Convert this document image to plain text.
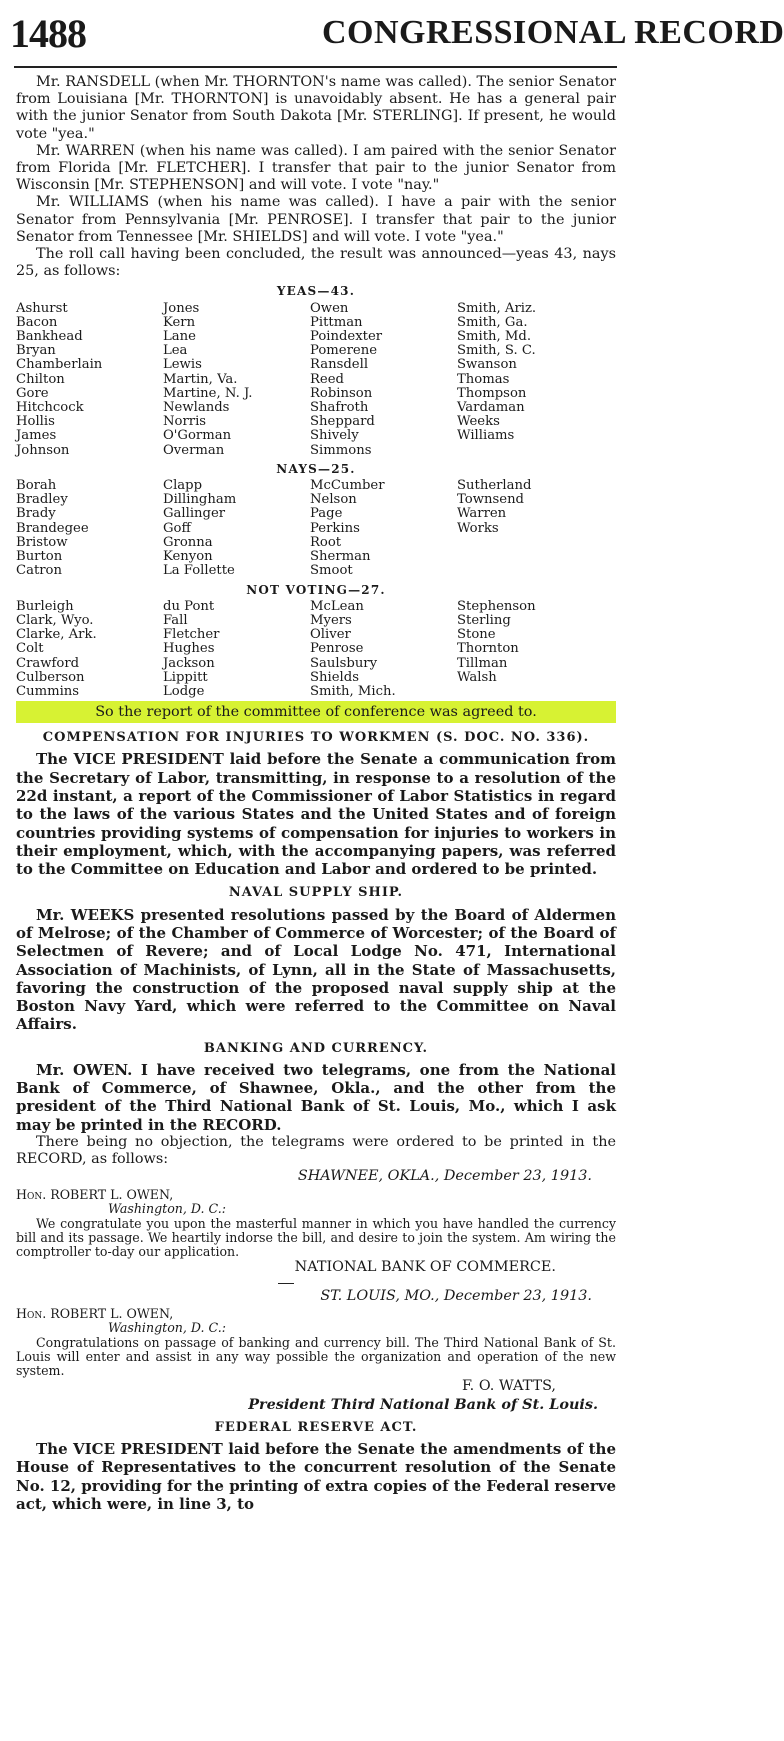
1488	CONGRESSIONAL RECORD

Mr. RANSDELL (when Mr. THORNTON's name was called). The senior Senator from Louisiana [Mr. THORNTON] is unavoidably absent. He has a general pair with the junior Senator from South Dakota [Mr. STERLING]. If present, he would vote "yea."

Mr. WARREN (when his name was called). I am paired with the senior Senator from Florida [Mr. FLETCHER]. I transfer that pair to the junior Senator from Wisconsin [Mr. STEPHENSON] and will vote. I vote "nay."

Mr. WILLIAMS (when his name was called). I have a pair with the senior Senator from Pennsylvania [Mr. PENROSE]. I transfer that pair to the junior Senator from Tennessee [Mr. SHIELDS] and will vote. I vote "yea."

The roll call having been concluded, the result was announced—yeas 43, nays 25, as follows:

YEAS—43.
Ashurst	Jones	Owen	Smith, Ariz.
Bacon	Kern	Pittman	Smith, Ga.
Bankhead	Lane	Poindexter	Smith, Md.
Bryan	Lea	Pomerene	Smith, S. C.
Chamberlain	Lewis	Ransdell	Swanson
Chilton	Martin, Va.	Reed	Thomas
Gore	Martine, N. J.	Robinson	Thompson
Hitchcock	Newlands	Shafroth	Vardaman
Hollis	Norris	Sheppard	Weeks
James	O'Gorman	Shively	Williams
Johnson	Overman	Simmons
NAYS—25.
Borah	Clapp	McCumber	Sutherland
Bradley	Dillingham	Nelson	Townsend
Brady	Gallinger	Page	Warren
Brandegee	Goff	Perkins	Works
Bristow	Gronna	Root
Burton	Kenyon	Sherman
Catron	La Follette	Smoot
NOT VOTING—27.
Burleigh	du Pont	McLean	Stephenson
Clark, Wyo.	Fall	Myers	Sterling
Clarke, Ark.	Fletcher	Oliver	Stone
Colt	Hughes	Penrose	Thornton
Crawford	Jackson	Saulsbury	Tillman
Culberson	Lippitt	Shields	Walsh
Cummins	Lodge	Smith, Mich.
So the report of the committee of conference was agreed to.
COMPENSATION FOR INJURIES TO WORKMEN (S. DOC. NO. 336).

The VICE PRESIDENT laid before the Senate a communication from the Secretary of Labor, transmitting, in response to a resolution of the 22d instant, a report of the Commissioner of Labor Statistics in regard to the laws of the various States and the United States and of foreign countries providing systems of compensation for injuries to workers in their employment, which, with the accompanying papers, was referred to the Committee on Education and Labor and ordered to be printed.

NAVAL SUPPLY SHIP.

Mr. WEEKS presented resolutions passed by the Board of Aldermen of Melrose; of the Chamber of Commerce of Worcester; of the Board of Selectmen of Revere; and of Local Lodge No. 471, International Association of Machinists, of Lynn, all in the State of Massachusetts, favoring the construction of the proposed naval supply ship at the Boston Navy Yard, which were referred to the Committee on Naval Affairs.

BANKING AND CURRENCY.

Mr. OWEN. I have received two telegrams, one from the National Bank of Commerce, of Shawnee, Okla., and the other from the president of the Third National Bank of St. Louis, Mo., which I ask may be printed in the RECORD.

There being no objection, the telegrams were ordered to be printed in the RECORD, as follows:

SHAWNEE, OKLA., December 23, 1913.
Hon. ROBERT L. OWEN,
Washington, D. C.:

We congratulate you upon the masterful manner in which you have handled the currency bill and its passage. We heartily indorse the bill, and desire to join the system. Am wiring the comptroller to-day our application.

NATIONAL BANK OF COMMERCE.
ST. LOUIS, MO., December 23, 1913.
Hon. ROBERT L. OWEN,
Washington, D. C.:

Congratulations on passage of banking and currency bill. The Third National Bank of St. Louis will enter and assist in any way possible the organization and operation of the new system.

F. O. WATTS,
President Third National Bank of St. Louis.
FEDERAL RESERVE ACT.

The VICE PRESIDENT laid before the Senate the amendments of the House of Representatives to the concurrent resolution of the Senate No. 12, providing for the printing of extra copies of the Federal reserve act, which were, in line 3, to
